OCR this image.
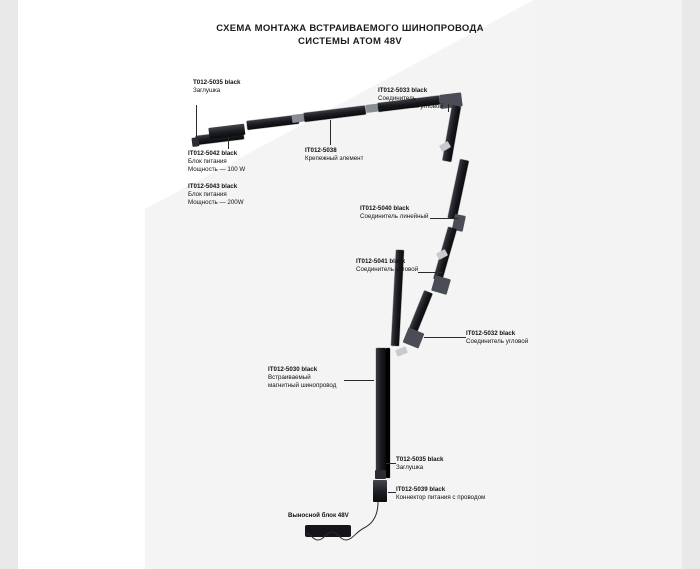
СХЕМА МОНТАЖА ВСТРАИВАЕМОГО ШИНОПРОВОДА
СИСТЕМЫ АТОМ 48V
T012-5035 black
Заглушка
IT012-5042 black
Блок питания
Мощность — 100 W
IT012-5043 black
Блок питания
Мощность — 200W
IT012-5038
Крепежный элемент
IT012-5033 black
Соединитель
вертикальный угловой
IT012-5040 black
Соединитель линейный
IT012-5041 black
Соединитель угловой
IT012-5032 black
Соединитель угловой
IT012-5030 black
Встраиваемый
магнитный шинопровод
T012-5035 black
Заглушка
IT012-5039 black
Коннектор питания с проводом
Выносной блок 48V
